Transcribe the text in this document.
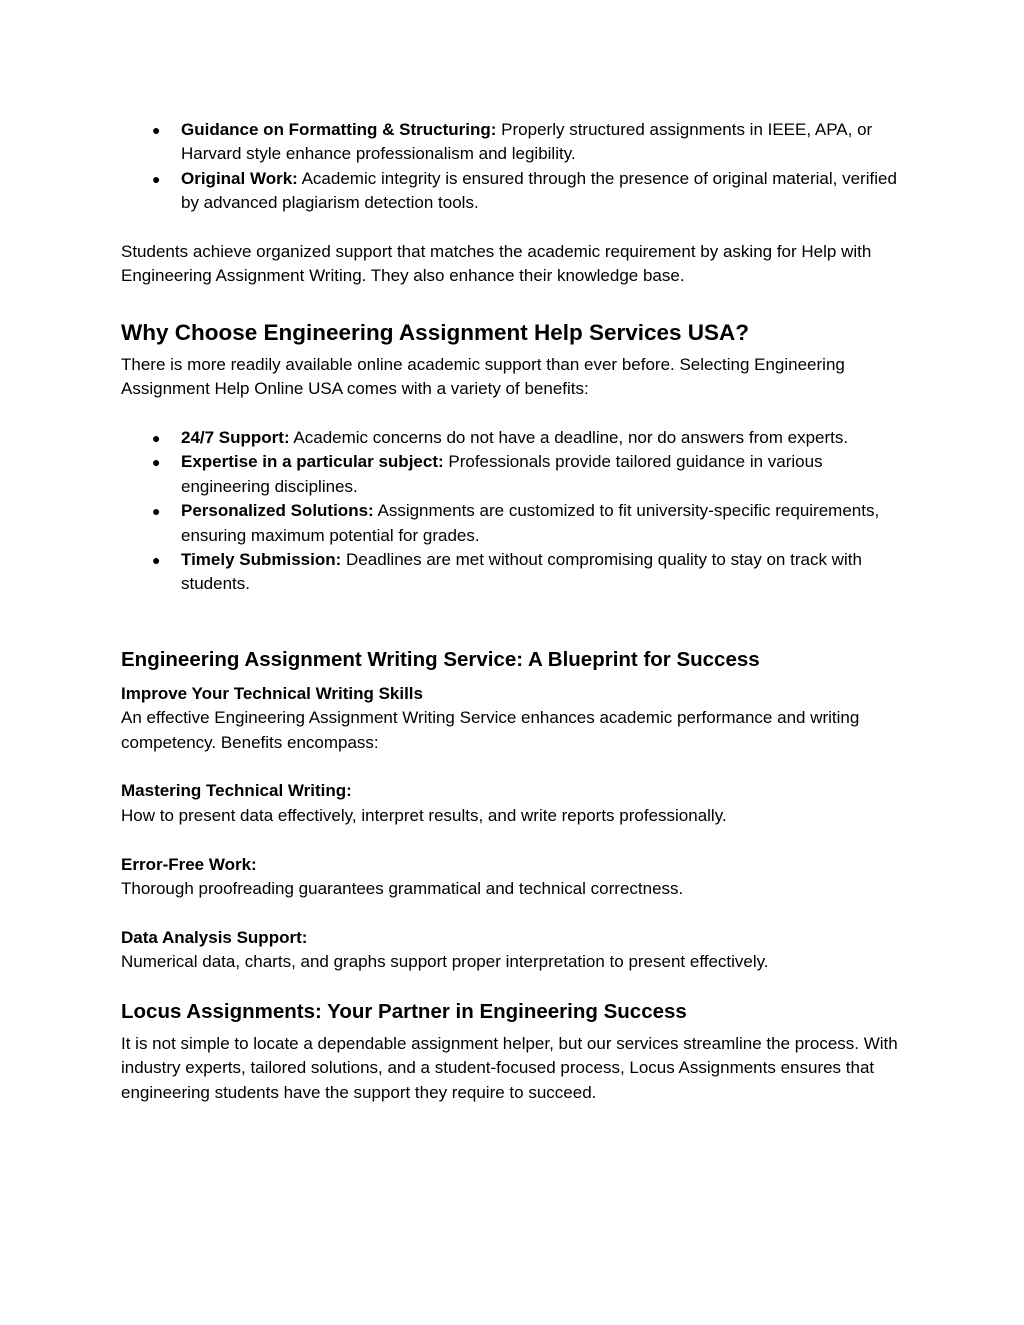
● Guidance on Formatting & Structuring: Properly structured assignments in IEEE, APA, or Harvard style enhance professionalism and legibility.
● Original Work: Academic integrity is ensured through the presence of original material, verified by advanced plagiarism detection tools.

Students achieve organized support that matches the academic requirement by asking for Help with Engineering Assignment Writing. They also enhance their knowledge base.

Why Choose Engineering Assignment Help Services USA?

There is more readily available online academic support than ever before. Selecting Engineering Assignment Help Online USA comes with a variety of benefits:

● 24/7 Support: Academic concerns do not have a deadline, nor do answers from experts.
● Expertise in a particular subject: Professionals provide tailored guidance in various engineering disciplines.
● Personalized Solutions: Assignments are customized to fit university-specific requirements, ensuring maximum potential for grades.
● Timely Submission: Deadlines are met without compromising quality to stay on track with students.
Engineering Assignment Writing Service: A Blueprint for Success

Improve Your Technical Writing Skills

An effective Engineering Assignment Writing Service enhances academic performance and writing competency. Benefits encompass:

Mastering Technical Writing:

How to present data effectively, interpret results, and write reports professionally.

Error-Free Work:

Thorough proofreading guarantees grammatical and technical correctness.

Data Analysis Support:

Numerical data, charts, and graphs support proper interpretation to present effectively.

Locus Assignments: Your Partner in Engineering Success

It is not simple to locate a dependable assignment helper, but our services streamline the process. With industry experts, tailored solutions, and a student-focused process, Locus Assignments ensures that engineering students have the support they require to succeed.
